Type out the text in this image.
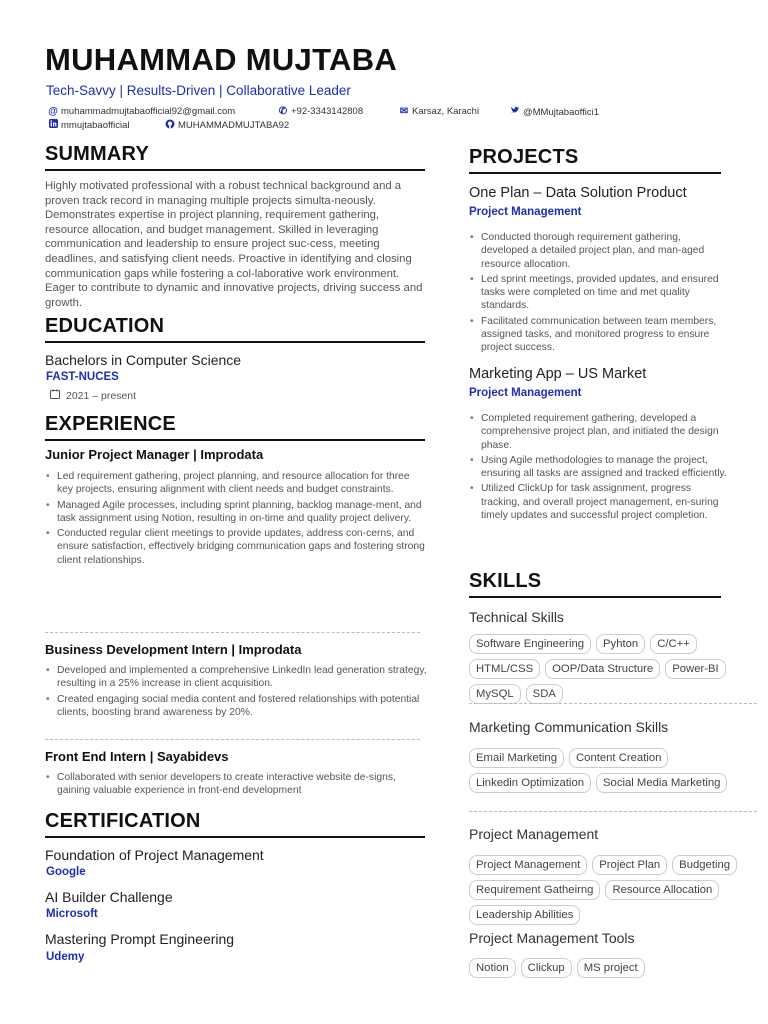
MUHAMMAD MUJTABA
Tech-Savvy | Results-Driven | Collaborative Leader
@ muhammadmujtabaofficial92@gmail.com	✆ +92-3343142808	✉ Karsaz, Karachi	@MMujtabaoffici1
mmujtabaofficial	MUHAMMADMUJTABA92
SUMMARY
Highly motivated professional with a robust technical background and a proven track record in managing multiple projects simulta-neously. Demonstrates expertise in project planning, requirement gathering, resource allocation, and budget management. Skilled in leveraging communication and leadership to ensure project suc-cess, meeting deadlines, and satisfying client needs. Proactive in identifying and closing communication gaps while fostering a col-laborative work environment. Eager to contribute to dynamic and innovative projects, driving success and growth.
EDUCATION
Bachelors in Computer Science
FAST-NUCES
2021 – present
EXPERIENCE
Junior Project Manager | Improdata
• Led requirement gathering, project planning, and resource allocation for three key projects, ensuring alignment with client needs and budget constraints.
• Managed Agile processes, including sprint planning, backlog manage-ment, and task assignment using Notion, resulting in on-time and quality project delivery.
• Conducted regular client meetings to provide updates, address con-cerns, and ensure satisfaction, effectively bridging communication gaps and fostering strong client relationships.
Business Development Intern | Improdata
• Developed and implemented a comprehensive LinkedIn lead generation strategy, resulting in a 25% increase in client acquisition.
• Created engaging social media content and fostered relationships with potential clients, boosting brand awareness by 20%.
Front End Intern | Sayabidevs
• Collaborated with senior developers to create interactive website de-signs, gaining valuable experience in front-end development
CERTIFICATION
Foundation of Project Management
Google
AI Builder Challenge
Microsoft
Mastering Prompt Engineering
Udemy
PROJECTS
One Plan – Data Solution Product
Project Management
• Conducted thorough requirement gathering, developed a detailed project plan, and man-aged resource allocation.
• Led sprint meetings, provided updates, and ensured tasks were completed on time and met quality standards.
• Facilitated communication between team members, assigned tasks, and monitored progress to ensure project success.
Marketing App – US Market
Project Management
• Completed requirement gathering, developed a comprehensive project plan, and initiated the design phase.
• Using Agile methodologies to manage the project, ensuring all tasks are assigned and tracked efficiently.
• Utilized ClickUp for task assignment, progress tracking, and overall project management, en-suring timely updates and successful project completion.
SKILLS
Technical Skills
Software Engineering	Pyhton	C/C++
HTML/CSS	OOP/Data Structure	Power-BI
MySQL	SDA
Marketing Communication Skills
Email Marketing	Content Creation
Linkedin Optimization	Social Media Marketing
Project Management
Project Management	Project Plan	Budgeting
Requirement Gatheirng	Resource Allocation
Leadership Abilities
Project Management Tools
Notion	Clickup	MS project
